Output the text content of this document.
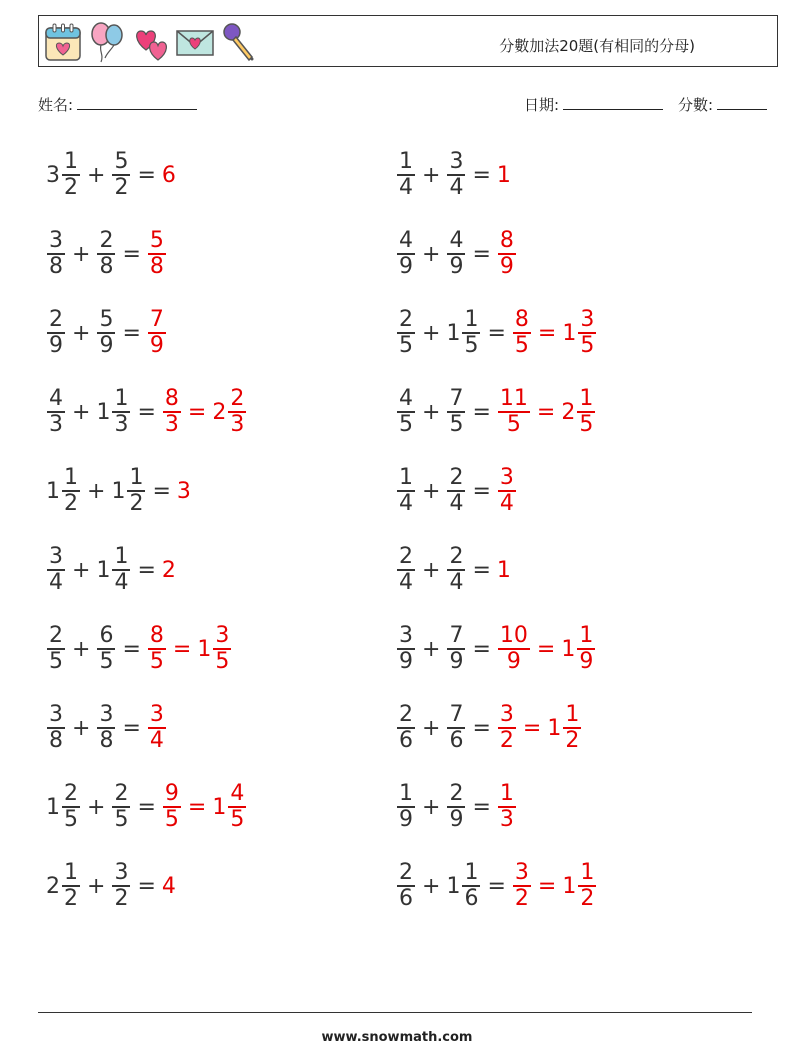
分數加法20題(有相同的分母)
姓名:	日期:	分數:
$3 \frac{1}{2} + \frac{5}{2} = 6$	$\frac{1}{4} + \frac{3}{4} = 1$
$\frac{3}{8} + \frac{2}{8} = \frac{5}{8}$	$\frac{4}{9} + \frac{4}{9} = \frac{8}{9}$
$\frac{2}{9} + \frac{5}{9} = \frac{7}{9}$	$\frac{2}{5} + 1 \frac{1}{5} = \frac{8}{5} = 1 \frac{3}{5}$
$\frac{4}{3} + 1 \frac{1}{3} = \frac{8}{3} = 2 \frac{2}{3}$	$\frac{4}{5} + \frac{7}{5} = \frac{11}{5} = 2 \frac{1}{5}$
$1 \frac{1}{2} + 1 \frac{1}{2} = 3$	$\frac{1}{4} + \frac{2}{4} = \frac{3}{4}$
$\frac{3}{4} + 1 \frac{1}{4} = 2$	$\frac{2}{4} + \frac{2}{4} = 1$
$\frac{2}{5} + \frac{6}{5} = \frac{8}{5} = 1 \frac{3}{5}$	$\frac{3}{9} + \frac{7}{9} = \frac{10}{9} = 1 \frac{1}{9}$
$\frac{3}{8} + \frac{3}{8} = \frac{3}{4}$	$\frac{2}{6} + \frac{7}{6} = \frac{3}{2} = 1 \frac{1}{2}$
$1 \frac{2}{5} + \frac{2}{5} = \frac{9}{5} = 1 \frac{4}{5}$	$\frac{1}{9} + \frac{2}{9} = \frac{1}{3}$
$2 \frac{1}{2} + \frac{3}{2} = 4$	$\frac{2}{6} + 1 \frac{1}{6} = \frac{3}{2} = 1 \frac{1}{2}$
www.snowmath.com
